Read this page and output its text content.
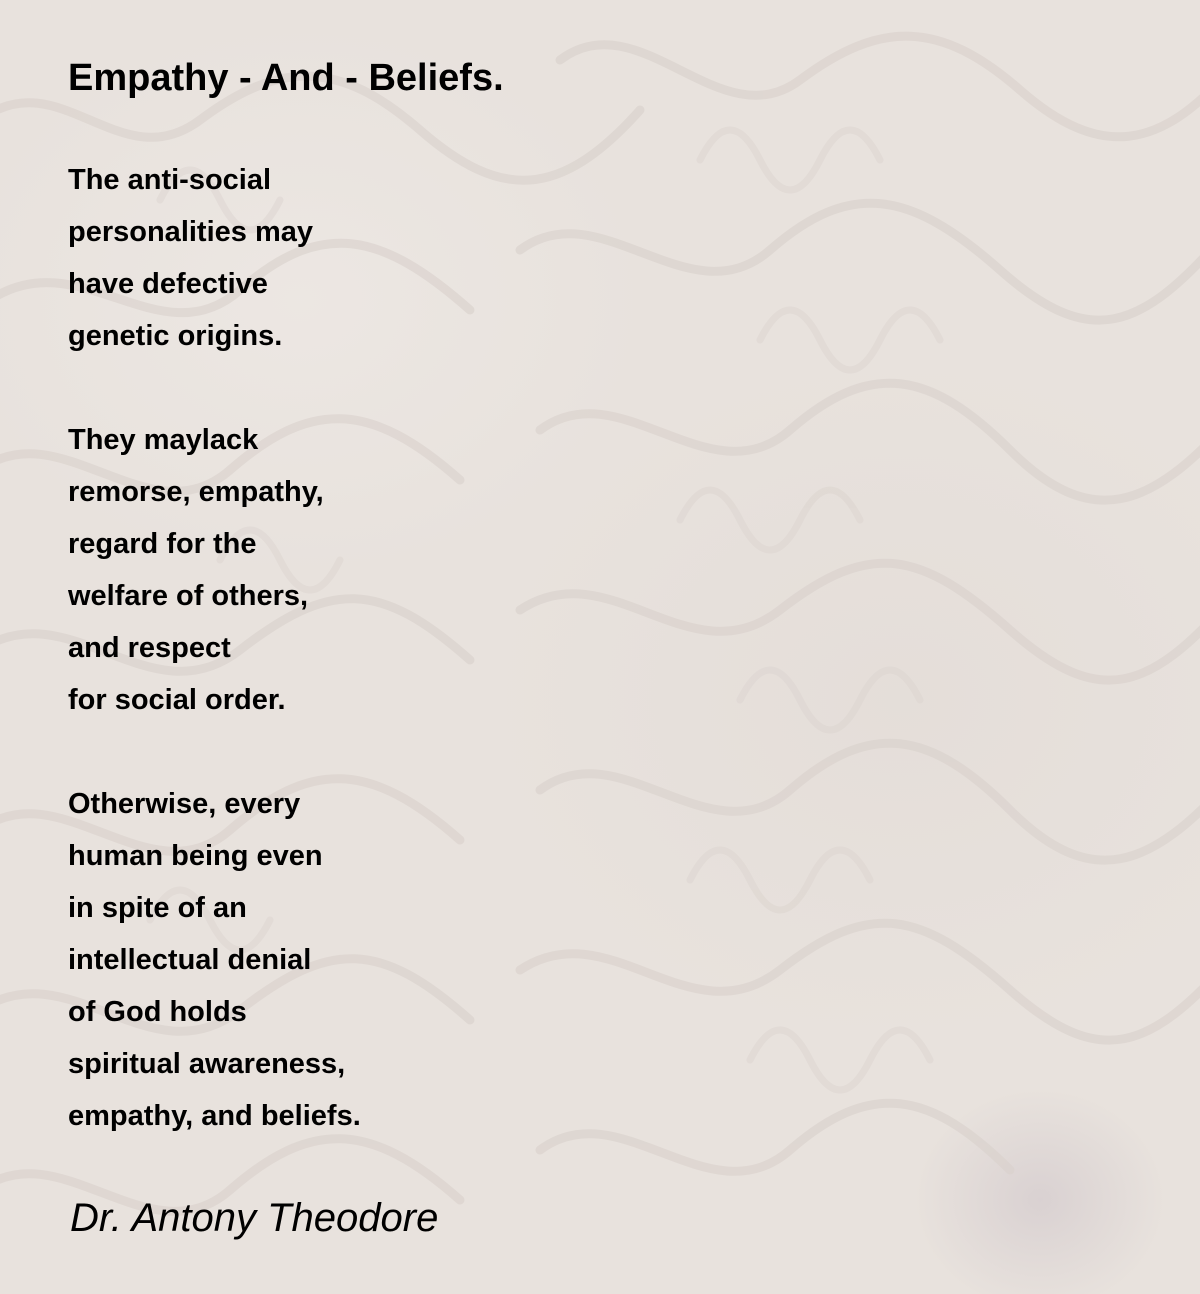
Empathy - And - Beliefs.
The anti-social
personalities may
have defective
genetic origins.
They maylack
remorse, empathy,
regard for the
welfare of others,
and respect
for social order.
Otherwise, every
human being even
in spite of an
intellectual denial
of God holds
spiritual awareness,
empathy, and beliefs.
Dr. Antony Theodore
